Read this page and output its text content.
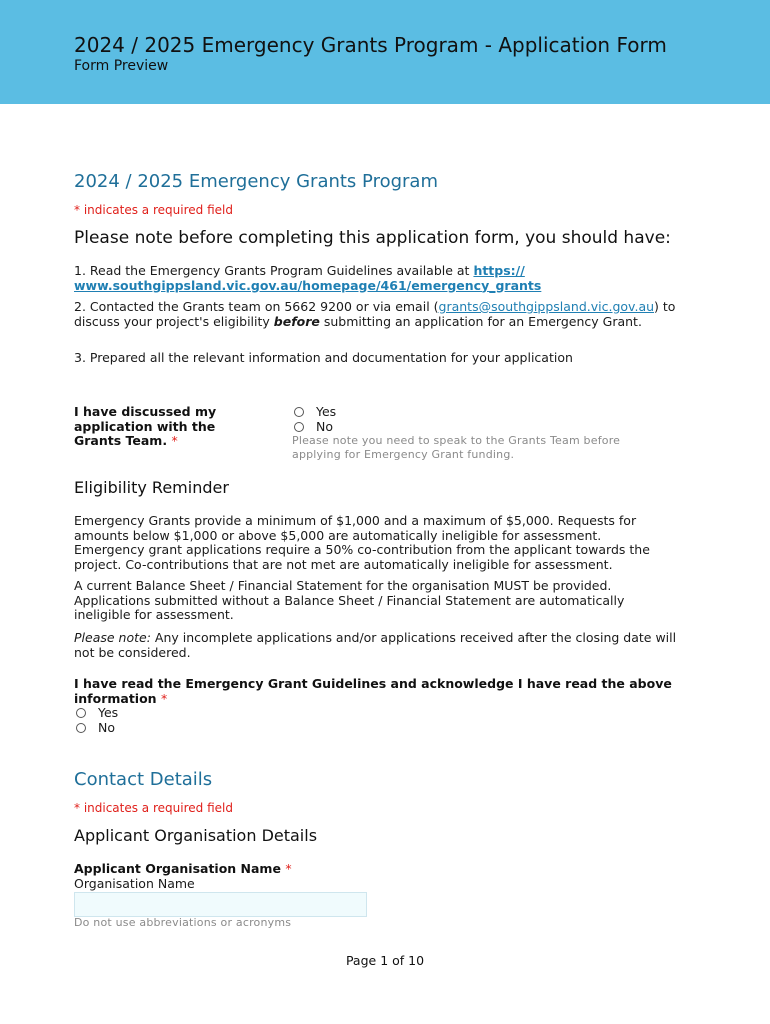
2024 / 2025 Emergency Grants Program - Application Form
Form Preview
2024 / 2025 Emergency Grants Program
* indicates a required field
Please note before completing this application form, you should have:
1. Read the Emergency Grants Program Guidelines available at https:// www.southgippsland.vic.gov.au/homepage/461/emergency_grants
2. Contacted the Grants team on 5662 9200 or via email (grants@southgippsland.vic.gov.au) to discuss your project's eligibility before submitting an application for an Emergency Grant.
3. Prepared all the relevant information and documentation for your application
I have discussed my application with the Grants Team. *
Yes
No
Please note you need to speak to the Grants Team before applying for Emergency Grant funding.
Eligibility Reminder
Emergency Grants provide a minimum of $1,000 and a maximum of $5,000. Requests for amounts below $1,000 or above $5,000 are automatically ineligible for assessment. Emergency grant applications require a 50% co-contribution from the applicant towards the project. Co-contributions that are not met are automatically ineligible for assessment.
A current Balance Sheet / Financial Statement for the organisation MUST be provided. Applications submitted without a Balance Sheet / Financial Statement are automatically ineligible for assessment.
Please note: Any incomplete applications and/or applications received after the closing date will not be considered.
I have read the Emergency Grant Guidelines and acknowledge I have read the above information *
Yes
No
Contact Details
* indicates a required field
Applicant Organisation Details
Applicant Organisation Name *
Organisation Name
Do not use abbreviations or acronyms
Page 1 of 10
